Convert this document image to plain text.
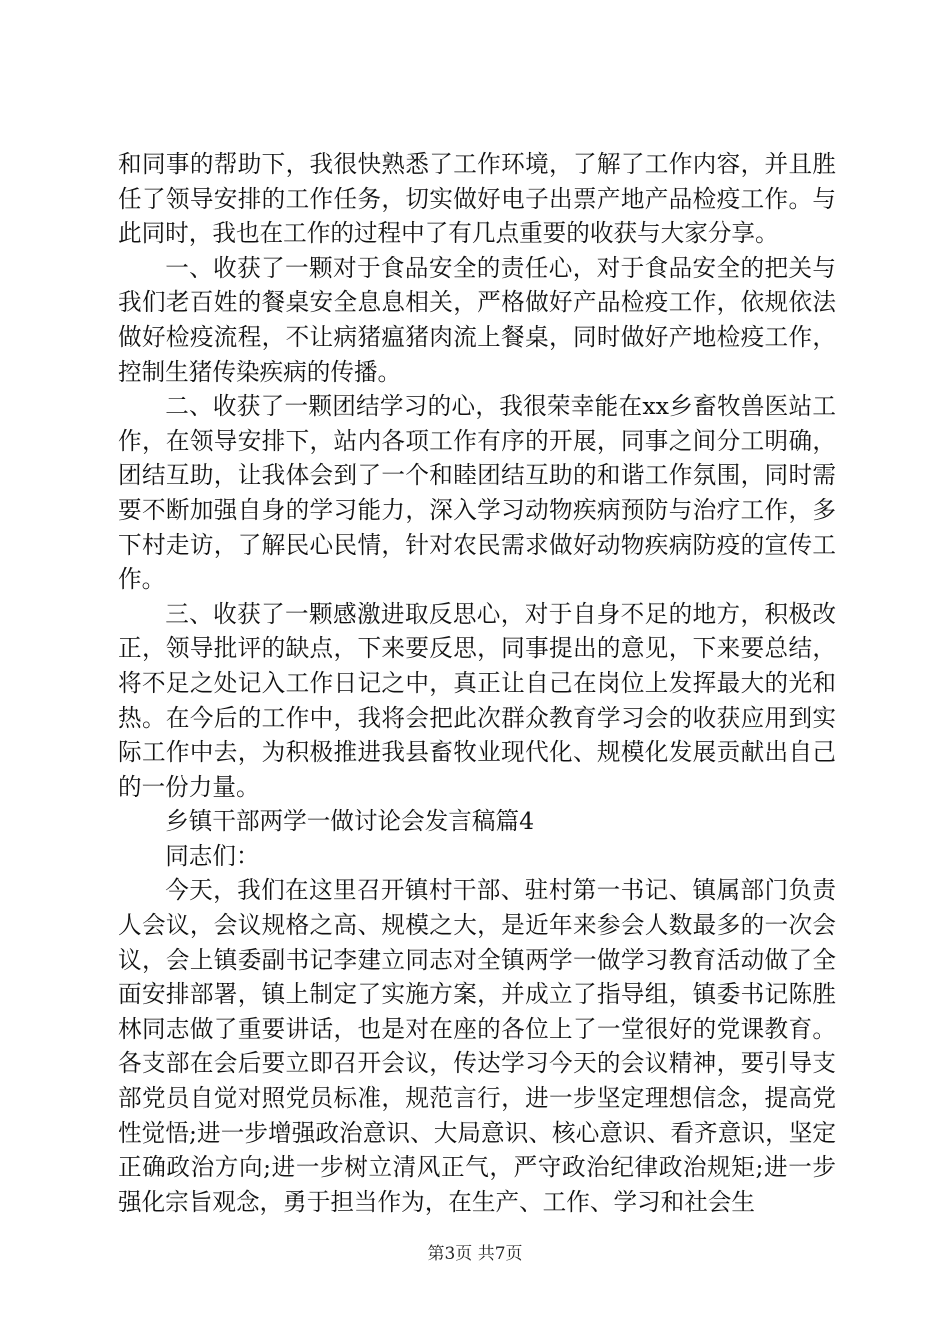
和同事的帮助下，我很快熟悉了工作环境，了解了工作内容，并且胜任了领导安排的工作任务，切实做好电子出票产地产品检疫工作。与此同时，我也在工作的过程中了有几点重要的收获与大家分享。

一、收获了一颗对于食品安全的责任心，对于食品安全的把关与我们老百姓的餐桌安全息息相关，严格做好产品检疫工作，依规依法做好检疫流程，不让病猪瘟猪肉流上餐桌，同时做好产地检疫工作，控制生猪传染疾病的传播。

二、收获了一颗团结学习的心，我很荣幸能在xx乡畜牧兽医站工作，在领导安排下，站内各项工作有序的开展，同事之间分工明确，团结互助，让我体会到了一个和睦团结互助的和谐工作氛围，同时需要不断加强自身的学习能力，深入学习动物疾病预防与治疗工作，多下村走访，了解民心民情，针对农民需求做好动物疾病防疫的宣传工作。

三、收获了一颗感激进取反思心，对于自身不足的地方，积极改正，领导批评的缺点，下来要反思，同事提出的意见，下来要总结，将不足之处记入工作日记之中，真正让自己在岗位上发挥最大的光和热。在今后的工作中，我将会把此次群众教育学习会的收获应用到实际工作中去，为积极推进我县畜牧业现代化、规模化发展贡献出自己的一份力量。

乡镇干部两学一做讨论会发言稿篇4

同志们：

今天，我们在这里召开镇村干部、驻村第一书记、镇属部门负责人会议，会议规格之高、规模之大，是近年来参会人数最多的一次会议，会上镇委副书记李建立同志对全镇两学一做学习教育活动做了全面安排部署，镇上制定了实施方案，并成立了指导组，镇委书记陈胜林同志做了重要讲话，也是对在座的各位上了一堂很好的党课教育。各支部在会后要立即召开会议，传达学习今天的会议精神，要引导支部党员自觉对照党员标准，规范言行，进一步坚定理想信念，提高党性觉悟;进一步增强政治意识、大局意识、核心意识、看齐意识，坚定正确政治方向;进一步树立清风正气，严守政治纪律政治规矩;进一步强化宗旨观念，勇于担当作为，在生产、工作、学习和社会生

第3页 共7页
